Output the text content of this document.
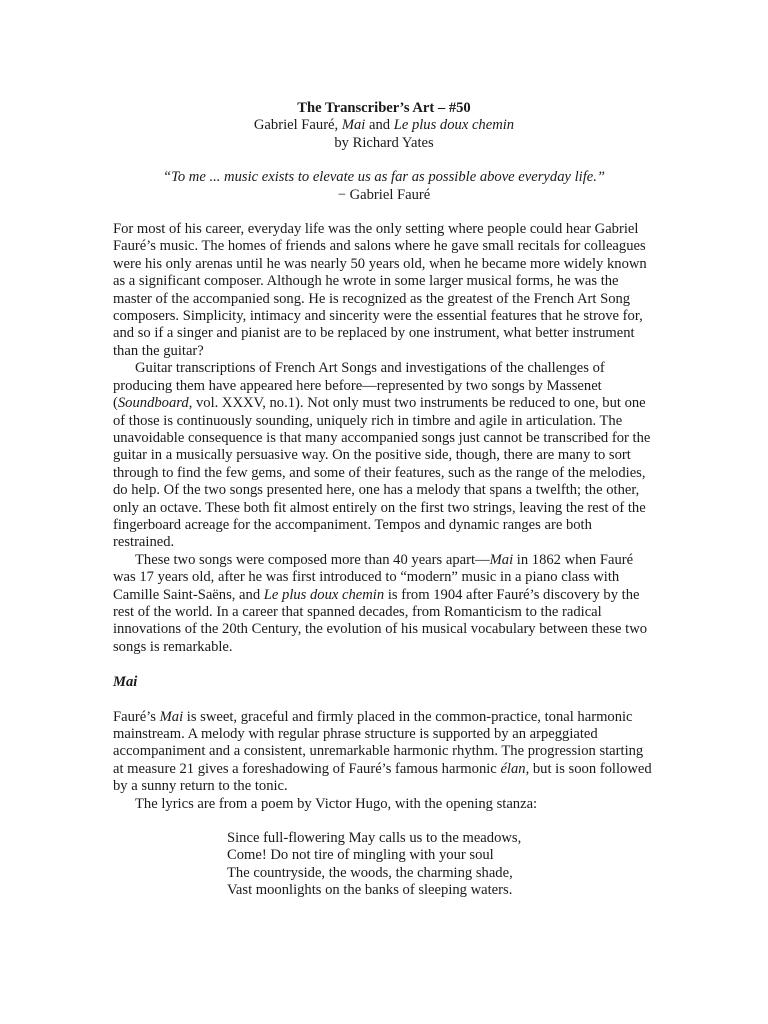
The Transcriber’s Art – #50

Gabriel Fauré, Mai and Le plus doux chemin

by Richard Yates

“To me ... music exists to elevate us as far as possible above everyday life.”

− Gabriel Fauré

For most of his career, everyday life was the only setting where people could hear Gabriel Fauré’s music. The homes of friends and salons where he gave small recitals for colleagues were his only arenas until he was nearly 50 years old, when he became more widely known as a significant composer. Although he wrote in some larger musical forms, he was the master of the accompanied song. He is recognized as the greatest of the French Art Song composers. Simplicity, intimacy and sincerity were the essential features that he strove for, and so if a singer and pianist are to be replaced by one instrument, what better instrument than the guitar?

Guitar transcriptions of French Art Songs and investigations of the challenges of producing them have appeared here before—represented by two songs by Massenet (Soundboard, vol. XXXV, no.1). Not only must two instruments be reduced to one, but one of those is continuously sounding, uniquely rich in timbre and agile in articulation. The unavoidable consequence is that many accompanied songs just cannot be transcribed for the guitar in a musically persuasive way. On the positive side, though, there are many to sort through to find the few gems, and some of their features, such as the range of the melodies, do help. Of the two songs presented here, one has a melody that spans a twelfth; the other, only an octave. These both fit almost entirely on the first two strings, leaving the rest of the fingerboard acreage for the accompaniment. Tempos and dynamic ranges are both restrained.

These two songs were composed more than 40 years apart—Mai in 1862 when Fauré was 17 years old, after he was first introduced to “modern” music in a piano class with Camille Saint-Saëns, and Le plus doux chemin is from 1904 after Fauré’s discovery by the rest of the world. In a career that spanned decades, from Romanticism to the radical innovations of the 20th Century, the evolution of his musical vocabulary between these two songs is remarkable.

Mai

Fauré’s Mai is sweet, graceful and firmly placed in the common-practice, tonal harmonic mainstream. A melody with regular phrase structure is supported by an arpeggiated accompaniment and a consistent, unremarkable harmonic rhythm. The progression starting at measure 21 gives a foreshadowing of Fauré’s famous harmonic élan, but is soon followed by a sunny return to the tonic.

The lyrics are from a poem by Victor Hugo, with the opening stanza:

Since full-flowering May calls us to the meadows,
Come! Do not tire of mingling with your soul
The countryside, the woods, the charming shade,
Vast moonlights on the banks of sleeping waters.
